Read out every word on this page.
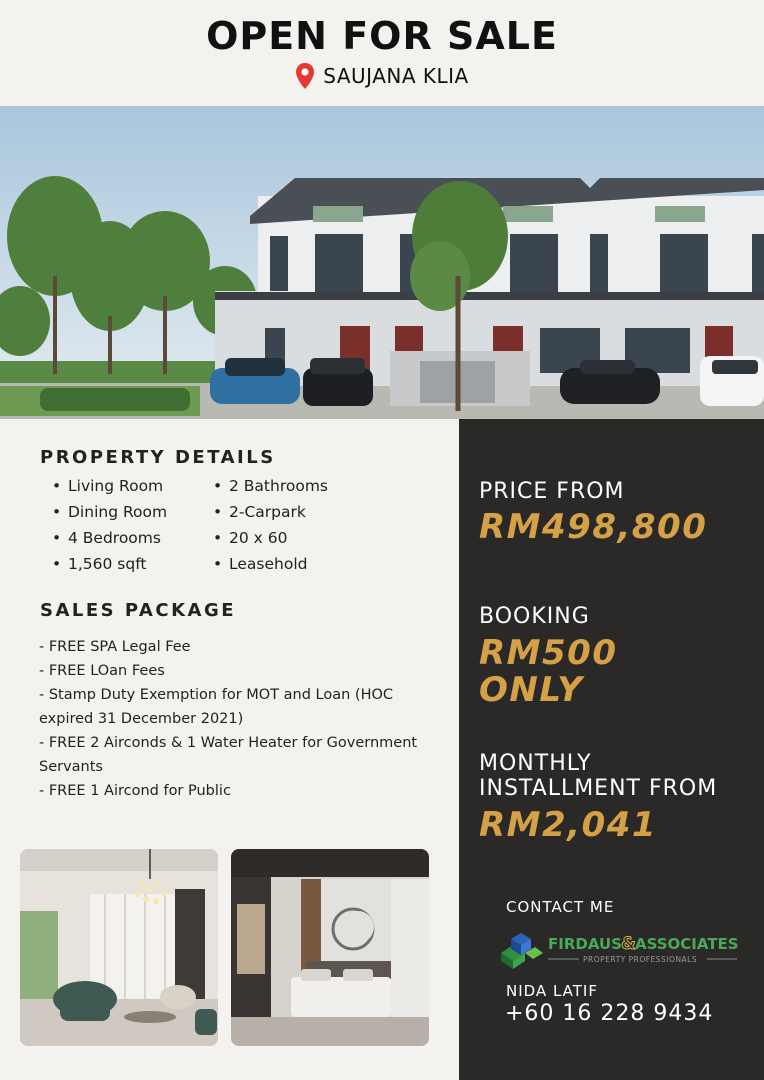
OPEN FOR SALE
SAUJANA KLIA
PROPERTY DETAILS
• Living Room
• Dining Room
• 4 Bedrooms
• 1,560 sqft
• 2 Bathrooms
• 2-Carpark
• 20 x 60
• Leasehold
SALES PACKAGE
- FREE SPA Legal Fee
- FREE LOan Fees
- Stamp Duty Exemption for MOT and Loan (HOC expired 31 December 2021)
- FREE 2 Airconds & 1 Water Heater for Government Servants
- FREE 1 Aircond for Public
PRICE FROM
RM498,800
BOOKING
RM500
ONLY
MONTHLY
INSTALLMENT FROM
RM2,041
CONTACT ME
FIRDAUS & ASSOCIATES
PROPERTY PROFESSIONALS
NIDA LATIF
+60 16 228 9434
